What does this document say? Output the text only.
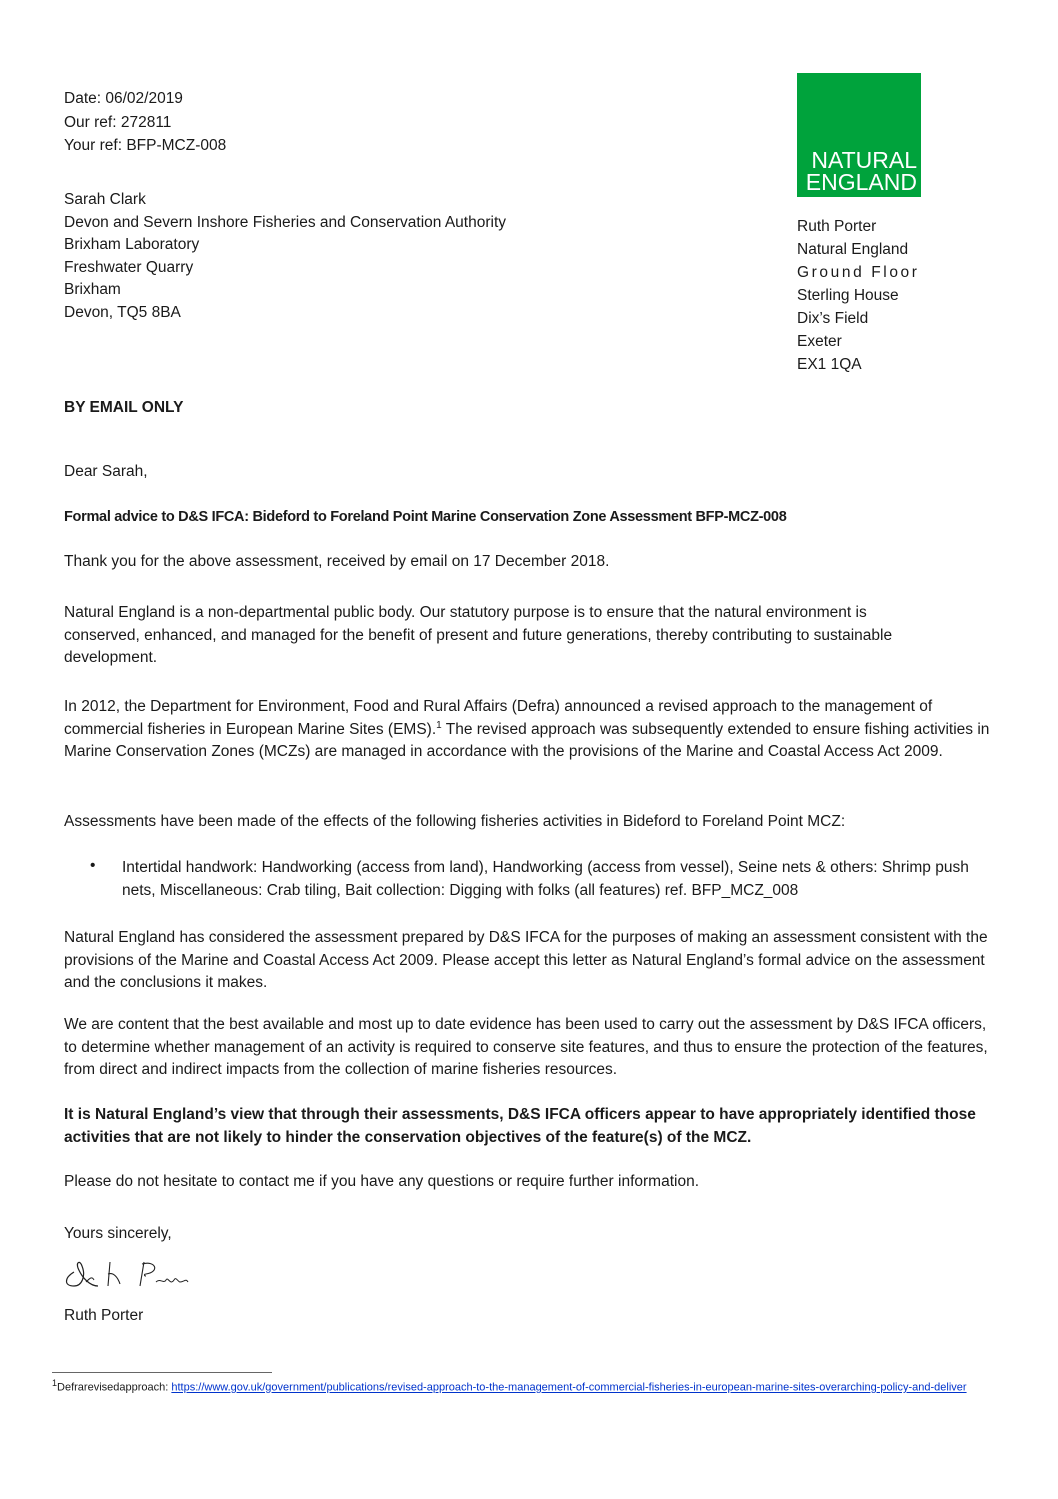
Date: 06/02/2019
Our ref: 272811
Your ref: BFP-MCZ-008
Sarah Clark
Devon and Severn Inshore Fisheries and Conservation Authority
Brixham Laboratory
Freshwater Quarry
Brixham
Devon, TQ5 8BA
NATURAL
ENGLAND
Ruth Porter
Natural England
Ground Floor
Sterling House
Dix’s Field
Exeter
EX1 1QA
BY EMAIL ONLY
Dear Sarah,
Formal advice to D&S IFCA: Bideford to Foreland Point Marine Conservation Zone Assessment BFP-MCZ-008
Thank you for the above assessment, received by email on 17 December 2018.
Natural England is a non-departmental public body. Our statutory purpose is to ensure that the natural environment is conserved, enhanced, and managed for the benefit of present and future generations, thereby contributing to sustainable development.
In 2012, the Department for Environment, Food and Rural Affairs (Defra) announced a revised approach to the management of commercial fisheries in European Marine Sites (EMS).$^1$ The revised approach was subsequently extended to ensure fishing activities in Marine Conservation Zones (MCZs) are managed in accordance with the provisions of the Marine and Coastal Access Act 2009.
Assessments have been made of the effects of the following fisheries activities in Bideford to Foreland Point MCZ:
• Intertidal handwork: Handworking (access from land), Handworking (access from vessel), Seine nets & others: Shrimp push nets, Miscellaneous: Crab tiling, Bait collection: Digging with folks (all features) ref. BFP_MCZ_008
Natural England has considered the assessment prepared by D&S IFCA for the purposes of making an assessment consistent with the provisions of the Marine and Coastal Access Act 2009. Please accept this letter as Natural England’s formal advice on the assessment and the conclusions it makes.
We are content that the best available and most up to date evidence has been used to carry out the assessment by D&S IFCA officers, to determine whether management of an activity is required to conserve site features, and thus to ensure the protection of the features, from direct and indirect impacts from the collection of marine fisheries resources.
It is Natural England’s view that through their assessments, D&S IFCA officers appear to have appropriately identified those activities that are not likely to hinder the conservation objectives of the feature(s) of the MCZ.
Please do not hesitate to contact me if you have any questions or require further information.
Yours sincerely,
Ruth Porter
$^1$Defrarevisedapproach: https://www.gov.uk/government/publications/revised-approach-to-the-management-of-commercial-fisheries-in-european-marine-sites-overarching-policy-and-deliver
